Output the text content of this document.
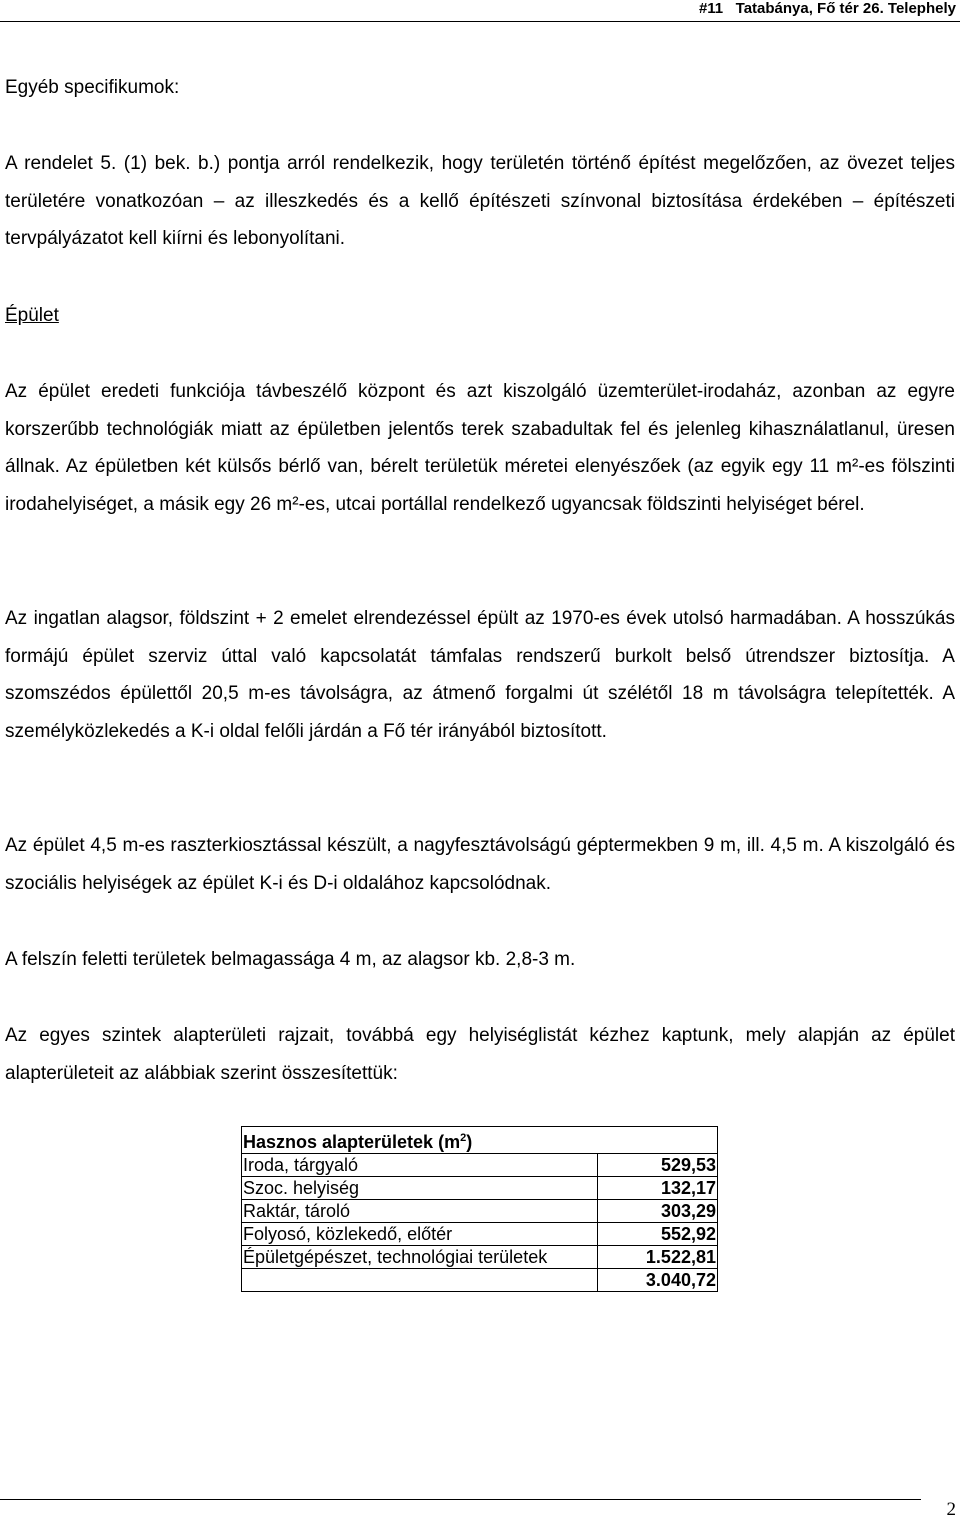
#11   Tatabánya, Fő tér 26. Telephely

Egyéb specifikumok:

A rendelet 5. (1) bek. b.) pontja arról rendelkezik, hogy területén történő építést megelőzően, az övezet teljes területére vonatkozóan – az illeszkedés és a kellő építészeti színvonal biztosítása érdekében – építészeti tervpályázatot kell kiírni és lebonyolítani.

Épület

Az épület eredeti funkciója távbeszélő központ és azt kiszolgáló üzemterület-irodaház, azonban az egyre korszerűbb technológiák miatt az épületben jelentős terek szabadultak fel és jelenleg kihasználatlanul, üresen állnak. Az épületben két külsős bérlő van, bérelt területük méretei elenyészőek (az egyik egy 11 m²-es fölszinti irodahelyiséget, a másik egy 26 m²-es, utcai portállal rendelkező ugyancsak földszinti helyiséget bérel.

Az ingatlan alagsor, földszint + 2 emelet elrendezéssel épült az 1970-es évek utolsó harmadában. A hosszúkás formájú épület szerviz úttal való kapcsolatát támfalas rendszerű burkolt belső útrendszer biztosítja. A szomszédos épülettől 20,5 m-es távolságra, az átmenő forgalmi út szélétől 18 m távolságra telepítették. A személyközlekedés a K-i oldal felőli járdán a Fő tér irányából biztosított.

Az épület 4,5 m-es raszterkiosztással készült, a nagyfesztávolságú géptermekben 9 m, ill. 4,5 m. A kiszolgáló és szociális helyiségek az épület K-i és D-i oldalához kapcsolódnak.

A felszín feletti területek belmagassága 4 m, az alagsor kb. 2,8-3 m.

Az egyes szintek alapterületi rajzait, továbbá egy helyiséglistát kézhez kaptunk, mely alapján az épület alapterületeit az alábbiak szerint összesítettük:

Hasznos alapterületek $(m^2)$	
Iroda, tárgyaló	529,53
Szoc. helyiség	132,17
Raktár, tároló	303,29
Folyosó, közlekedő, előtér	552,92
Épületgépészet, technológiai területek	1.522,81
	3.040,72
2
